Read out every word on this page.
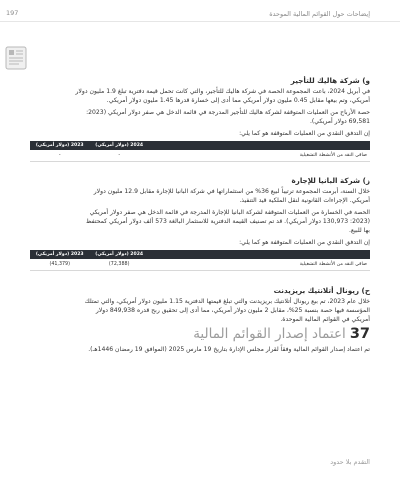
إيضاحات حول القوائم المالية الموحدة
197

و) شركة هاليك للتأجير

في أبريل 2024، باعت المجموعة الحصة في شركة هاليك للتأجير، والتي كانت تحمل قيمة دفترية تبلغ 1.9 مليون دولار

أمريكي، وتم بيعها مقابل 0.45 مليون دولار أمريكي مما أدى إلى خسارة قدرها 1.45 مليون دولار أمريكي.

حصة الأرباح من العمليات المتوقفة لشركة هاليك للتأجير المدرجة في قائمة الدخل هي صفر دولار أمريكي (2023:

69,581 دولار أمريكي).

إن التدفق النقدي من العمليات المتوقفة هو كما يلي:

2024 (دولار أمريكي)
2023 (دولار أمريكي)
صافي النقد من الأنشطة التشغيلية
-
-

ز) شركة البانيا للإجارة

خلال السنة، أبرمت المجموعة ترتيباً لبيع 36% من استثماراتها في شركة البانيا للإجارة مقابل 12.9 مليون دولار

أمريكي. الإجراءات القانونية لنقل الملكية قيد التنفيذ.

الحصة في الخسارة من العمليات المتوقفة لشركة البانيا للإجارة المدرجة في قائمة الدخل هي صفر دولار أمريكي

(2023: 130,973 دولار أمريكي). قد تم تصنيف القيمة الدفترية للاستثمار البالغة 573 ألف دولار أمريكي كمحتفظ

بها للبيع.

إن التدفق النقدي من العمليات المتوقفة هو كما يلي:

2024 (دولار أمريكي)
2023 (دولار أمريكي)
صافي النقد من الأنشطة التشغيلية
(72,388)
(41,379)

ح) ريونال أتلانتيك بريزيدنت

خلال عام 2023، تم بيع ريونال أتلانتيك بريزيدنت والتي تبلغ قيمتها الدفترية 1.15 مليون دولار أمريكي، والتي تمتلك

المؤسسة فيها حصة بنسبة 25%، مقابل 2 مليون دولار أمريكي، مما أدى إلى تحقيق ربح قدره 849,938 دولار

أمريكي في القوائم المالية الموحدة.

37اعتماد إصدار القوائم المالية

تم اعتماد إصدار القوائم المالية وفقاً لقرار مجلس الإدارة بتاريخ 19 مارس 2025 (الموافق 19 رمضان 1446هـ).

التقدم بلا حدود
